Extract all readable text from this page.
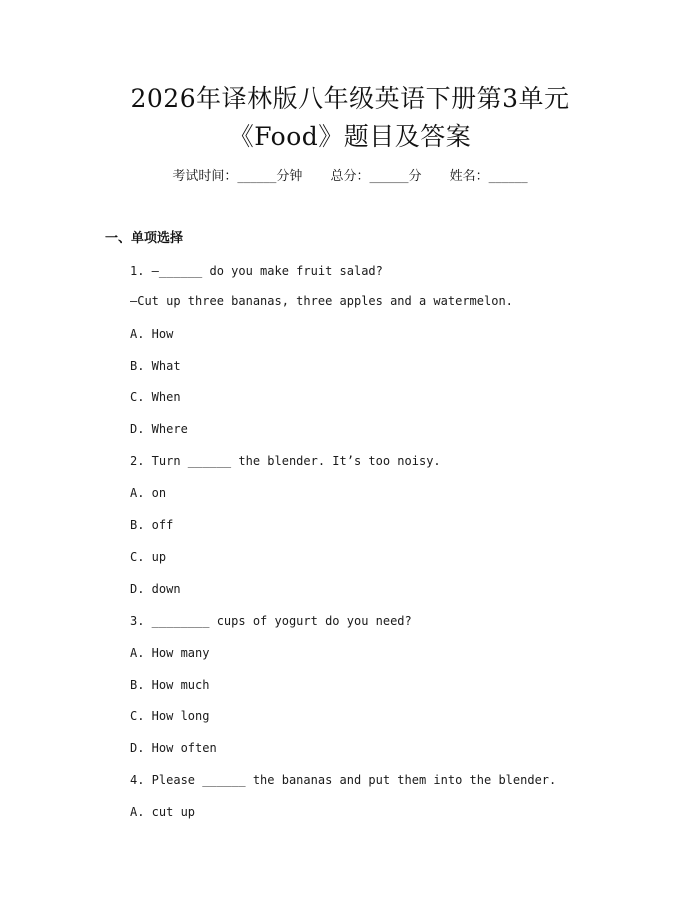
2026年译林版八年级英语下册第3单元
《Food》题目及答案
考试时间：______分钟 总分：______分 姓名：______
一、单项选择
1. —______ do you make fruit salad?
—Cut up three bananas, three apples and a watermelon.
A. How
B. What
C. When
D. Where
2. Turn ______ the blender. It’s too noisy.
A. on
B. off
C. up
D. down
3. ________ cups of yogurt do you need?
A. How many
B. How much
C. How long
D. How often
4. Please ______ the bananas and put them into the blender.
A. cut up
